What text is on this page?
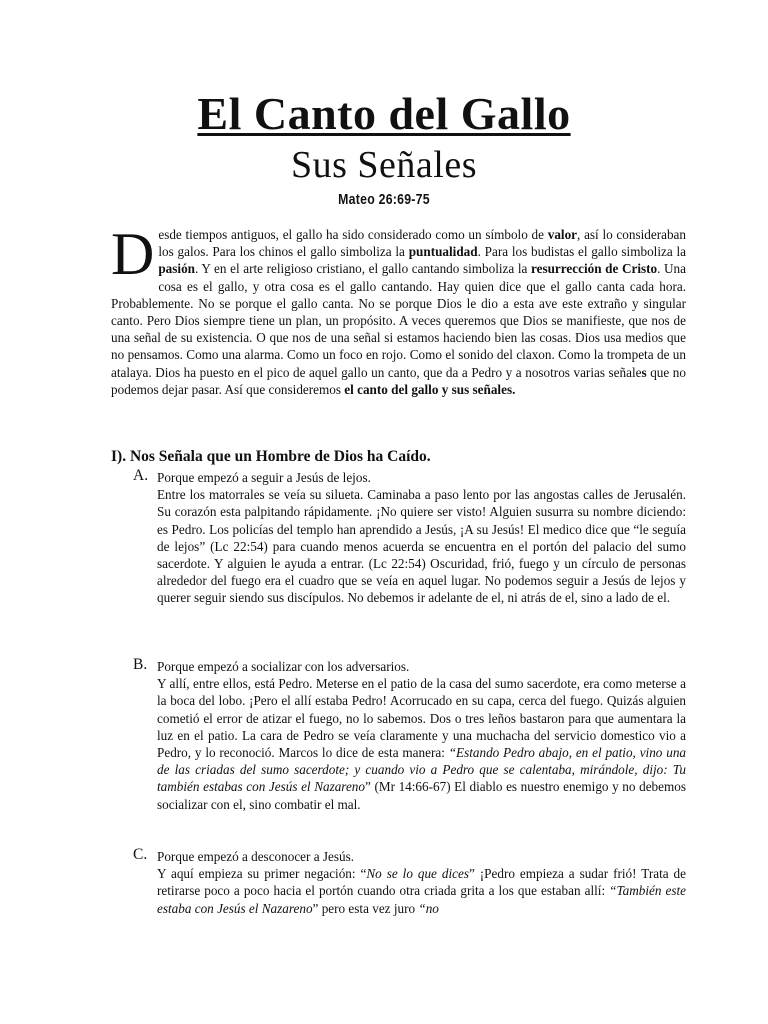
El Canto del Gallo
Sus Señales
Mateo 26:69-75
Desde tiempos antiguos, el gallo ha sido considerado como un símbolo de valor, así lo consideraban los galos. Para los chinos el gallo simboliza la puntualidad. Para los budistas el gallo simboliza la pasión. Y en el arte religioso cristiano, el gallo cantando simboliza la resurrección de Cristo. Una cosa es el gallo, y otra cosa es el gallo cantando. Hay quien dice que el gallo canta cada hora. Probablemente. No se porque el gallo canta. No se porque Dios le dio a esta ave este extraño y singular canto. Pero Dios siempre tiene un plan, un propósito. A veces queremos que Dios se manifieste, que nos de una señal de su existencia. O que nos de una señal si estamos haciendo bien las cosas. Dios usa medios que no pensamos. Como una alarma. Como un foco en rojo. Como el sonido del claxon. Como la trompeta de un atalaya. Dios ha puesto en el pico de aquel gallo un canto, que da a Pedro y a nosotros varias señales que no podemos dejar pasar. Así que consideremos el canto del gallo y sus señales.
I). Nos Señala que un Hombre de Dios ha Caído.
A. Porque empezó a seguir a Jesús de lejos.
Entre los matorrales se veía su silueta. Caminaba a paso lento por las angostas calles de Jerusalén. Su corazón esta palpitando rápidamente. ¡No quiere ser visto! Alguien susurra su nombre diciendo: es Pedro. Los policías del templo han aprendido a Jesús, ¡A su Jesús! El medico dice que “le seguía de lejos” (Lc 22:54) para cuando menos acuerda se encuentra en el portón del palacio del sumo sacerdote. Y alguien le ayuda a entrar. (Lc 22:54) Oscuridad, frió, fuego y un círculo de personas alrededor del fuego era el cuadro que se veía en aquel lugar. No podemos seguir a Jesús de lejos y querer seguir siendo sus discípulos. No debemos ir adelante de el, ni atrás de el, sino a lado de el.
B. Porque empezó a socializar con los adversarios.
Y allí, entre ellos, está Pedro. Meterse en el patio de la casa del sumo sacerdote, era como meterse a la boca del lobo. ¡Pero el allí estaba Pedro! Acorrucado en su capa, cerca del fuego. Quizás alguien cometió el error de atizar el fuego, no lo sabemos. Dos o tres leños bastaron para que aumentara la luz en el patio. La cara de Pedro se veía claramente y una muchacha del servicio domestico vio a Pedro, y lo reconoció. Marcos lo dice de esta manera: “Estando Pedro abajo, en el patio, vino una de las criadas del sumo sacerdote; y cuando vio a Pedro que se calentaba, mirándole, dijo: Tu también estabas con Jesús el Nazareno” (Mr 14:66-67) El diablo es nuestro enemigo y no debemos socializar con el, sino combatir el mal.
C. Porque empezó a desconocer a Jesús.
Y aquí empieza su primer negación: “No se lo que dices” ¡Pedro empieza a sudar frió! Trata de retirarse poco a poco hacia el portón cuando otra criada grita a los que estaban allí: “También este estaba con Jesús el Nazareno” pero esta vez juro “no
